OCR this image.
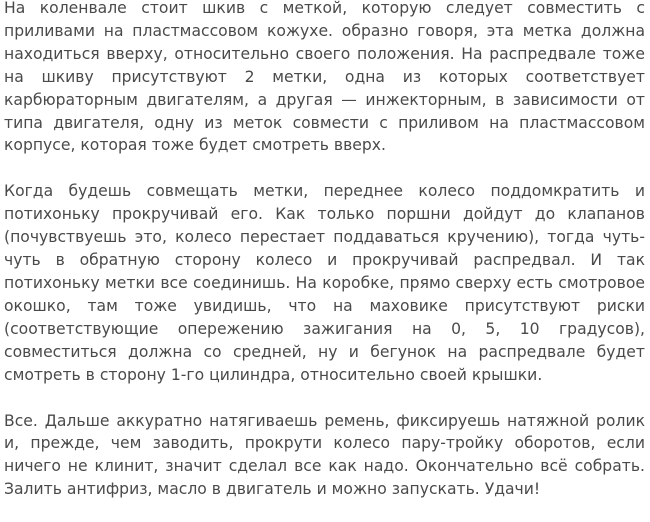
На коленвале стоит шкив с меткой, которую следует совместить с приливами на пластмассовом кожухе. образно говоря, эта метка должна находиться вверху, относительно своего положения. На распредвале тоже на шкиву присутствуют 2 метки, одна из которых соответствует карбюраторным двигателям, а другая — инжекторным, в зависимости от типа двигателя, одну из меток совмести с приливом на пластмассовом корпусе, которая тоже будет смотреть вверх.

Когда будешь совмещать метки, переднее колесо поддомкратить и потихоньку прокручивай его. Как только поршни дойдут до клапанов (почувствуешь это, колесо перестает поддаваться кручению), тогда чуть-чуть в обратную сторону колесо и прокручивай распредвал. И так потихоньку метки все соединишь. На коробке, прямо сверху есть смотровое окошко, там тоже увидишь, что на маховике присутствуют риски (соответствующие опережению зажигания на 0, 5, 10 градусов), совместиться должна со средней, ну и бегунок на распредвале будет смотреть в сторону 1-го цилиндра, относительно своей крышки.

Все. Дальше аккуратно натягиваешь ремень, фиксируешь натяжной ролик и, прежде, чем заводить, прокрути колесо пару-тройку оборотов, если ничего не клинит, значит сделал все как надо. Окончательно всё собрать. Залить антифриз, масло в двигатель и можно запускать. Удачи!
